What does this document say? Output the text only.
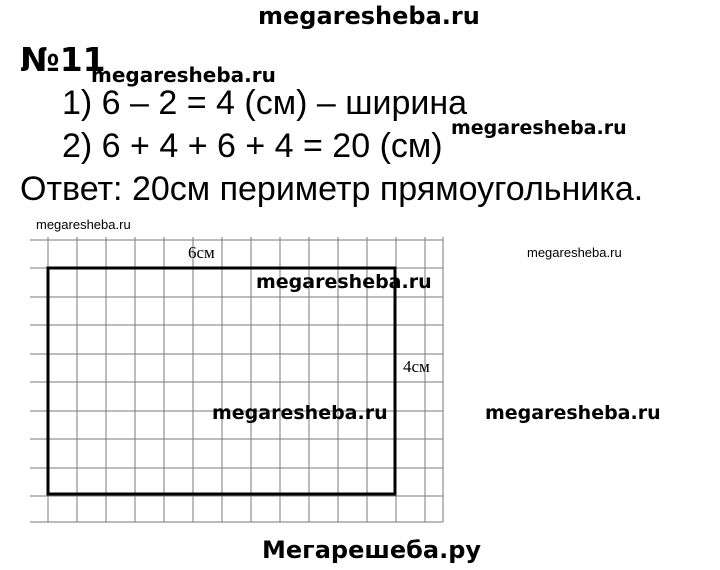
megaresheba.ru
№11
1) 6 – 2 = 4 (см) – ширина
2) 6 + 4 + 6 + 4 = 20 (см)
Ответ: 20см периметр прямоугольника.
6см
4см
megaresheba.ru
megaresheba.ru
megaresheba.ru
megaresheba.ru
megaresheba.ru
megaresheba.ru	megaresheba.ru
Мегарешеба.ру
